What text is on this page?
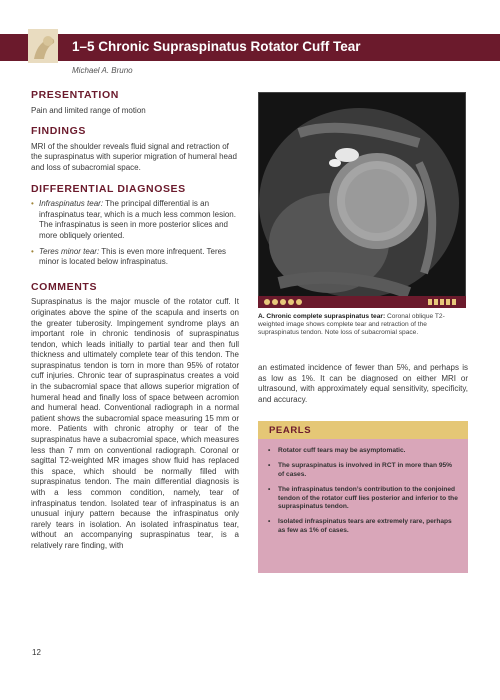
1–5 Chronic Supraspinatus Rotator Cuff Tear
Michael A. Bruno
PRESENTATION
Pain and limited range of motion
FINDINGS
MRI of the shoulder reveals fluid signal and retraction of the supraspinatus with superior migration of humeral head and loss of subacromial space.
DIFFERENTIAL DIAGNOSES
• Infraspinatus tear: The principal differential is an infraspinatus tear, which is a much less common lesion. The infraspinatus is seen in more posterior slices and more obliquely oriented.
• Teres minor tear: This is even more infrequent. Teres minor is located below infraspinatus.
COMMENTS
Supraspinatus is the major muscle of the rotator cuff. It originates above the spine of the scapula and inserts on the greater tuberosity. Impingement syndrome plays an important role in chronic tendinosis of supraspinatus tendon, which leads initially to partial tear and then full thickness and ultimately complete tear of this tendon. The supraspinatus tendon is torn in more than 95% of rotator cuff injuries. Chronic tear of supraspinatus creates a void in the subacromial space that allows superior migration of humeral head and finally loss of space between acromion and humeral head. Conventional radiograph in a normal patient shows the subacromial space measuring 15 mm or more. Patients with chronic atrophy or tear of the supraspinatus have a subacromial space, which measures less than 7 mm on conventional radiograph. Coronal or sagittal T2-weighted MR images show fluid has replaced this space, which should be normally filled with supraspinatus tendon. The main differential diagnosis is with a less common condition, namely, tear of infraspinatus tendon. Isolated tear of infraspinatus is an unusual injury pattern because the infraspinatus only rarely tears in isolation. An isolated infraspinatus tear, without an accompanying supraspinatus tear, is a relatively rare finding, with
A. Chronic complete supraspinatus tear: Coronal oblique T2-weighted image shows complete tear and retraction of the supraspinatus tendon. Note loss of subacromial space.
an estimated incidence of fewer than 5%, and perhaps is as low as 1%. It can be diagnosed on either MRI or ultrasound, with approximately equal sensitivity, specificity, and accuracy.
PEARLS
• Rotator cuff tears may be asymptomatic.
• The supraspinatus is involved in RCT in more than 95% of cases.
• The infraspinatus tendon’s contribution to the conjoined tendon of the rotator cuff lies posterior and inferior to the supraspinatus tendon.
• Isolated infraspinatus tears are extremely rare, perhaps as few as 1% of cases.
12
